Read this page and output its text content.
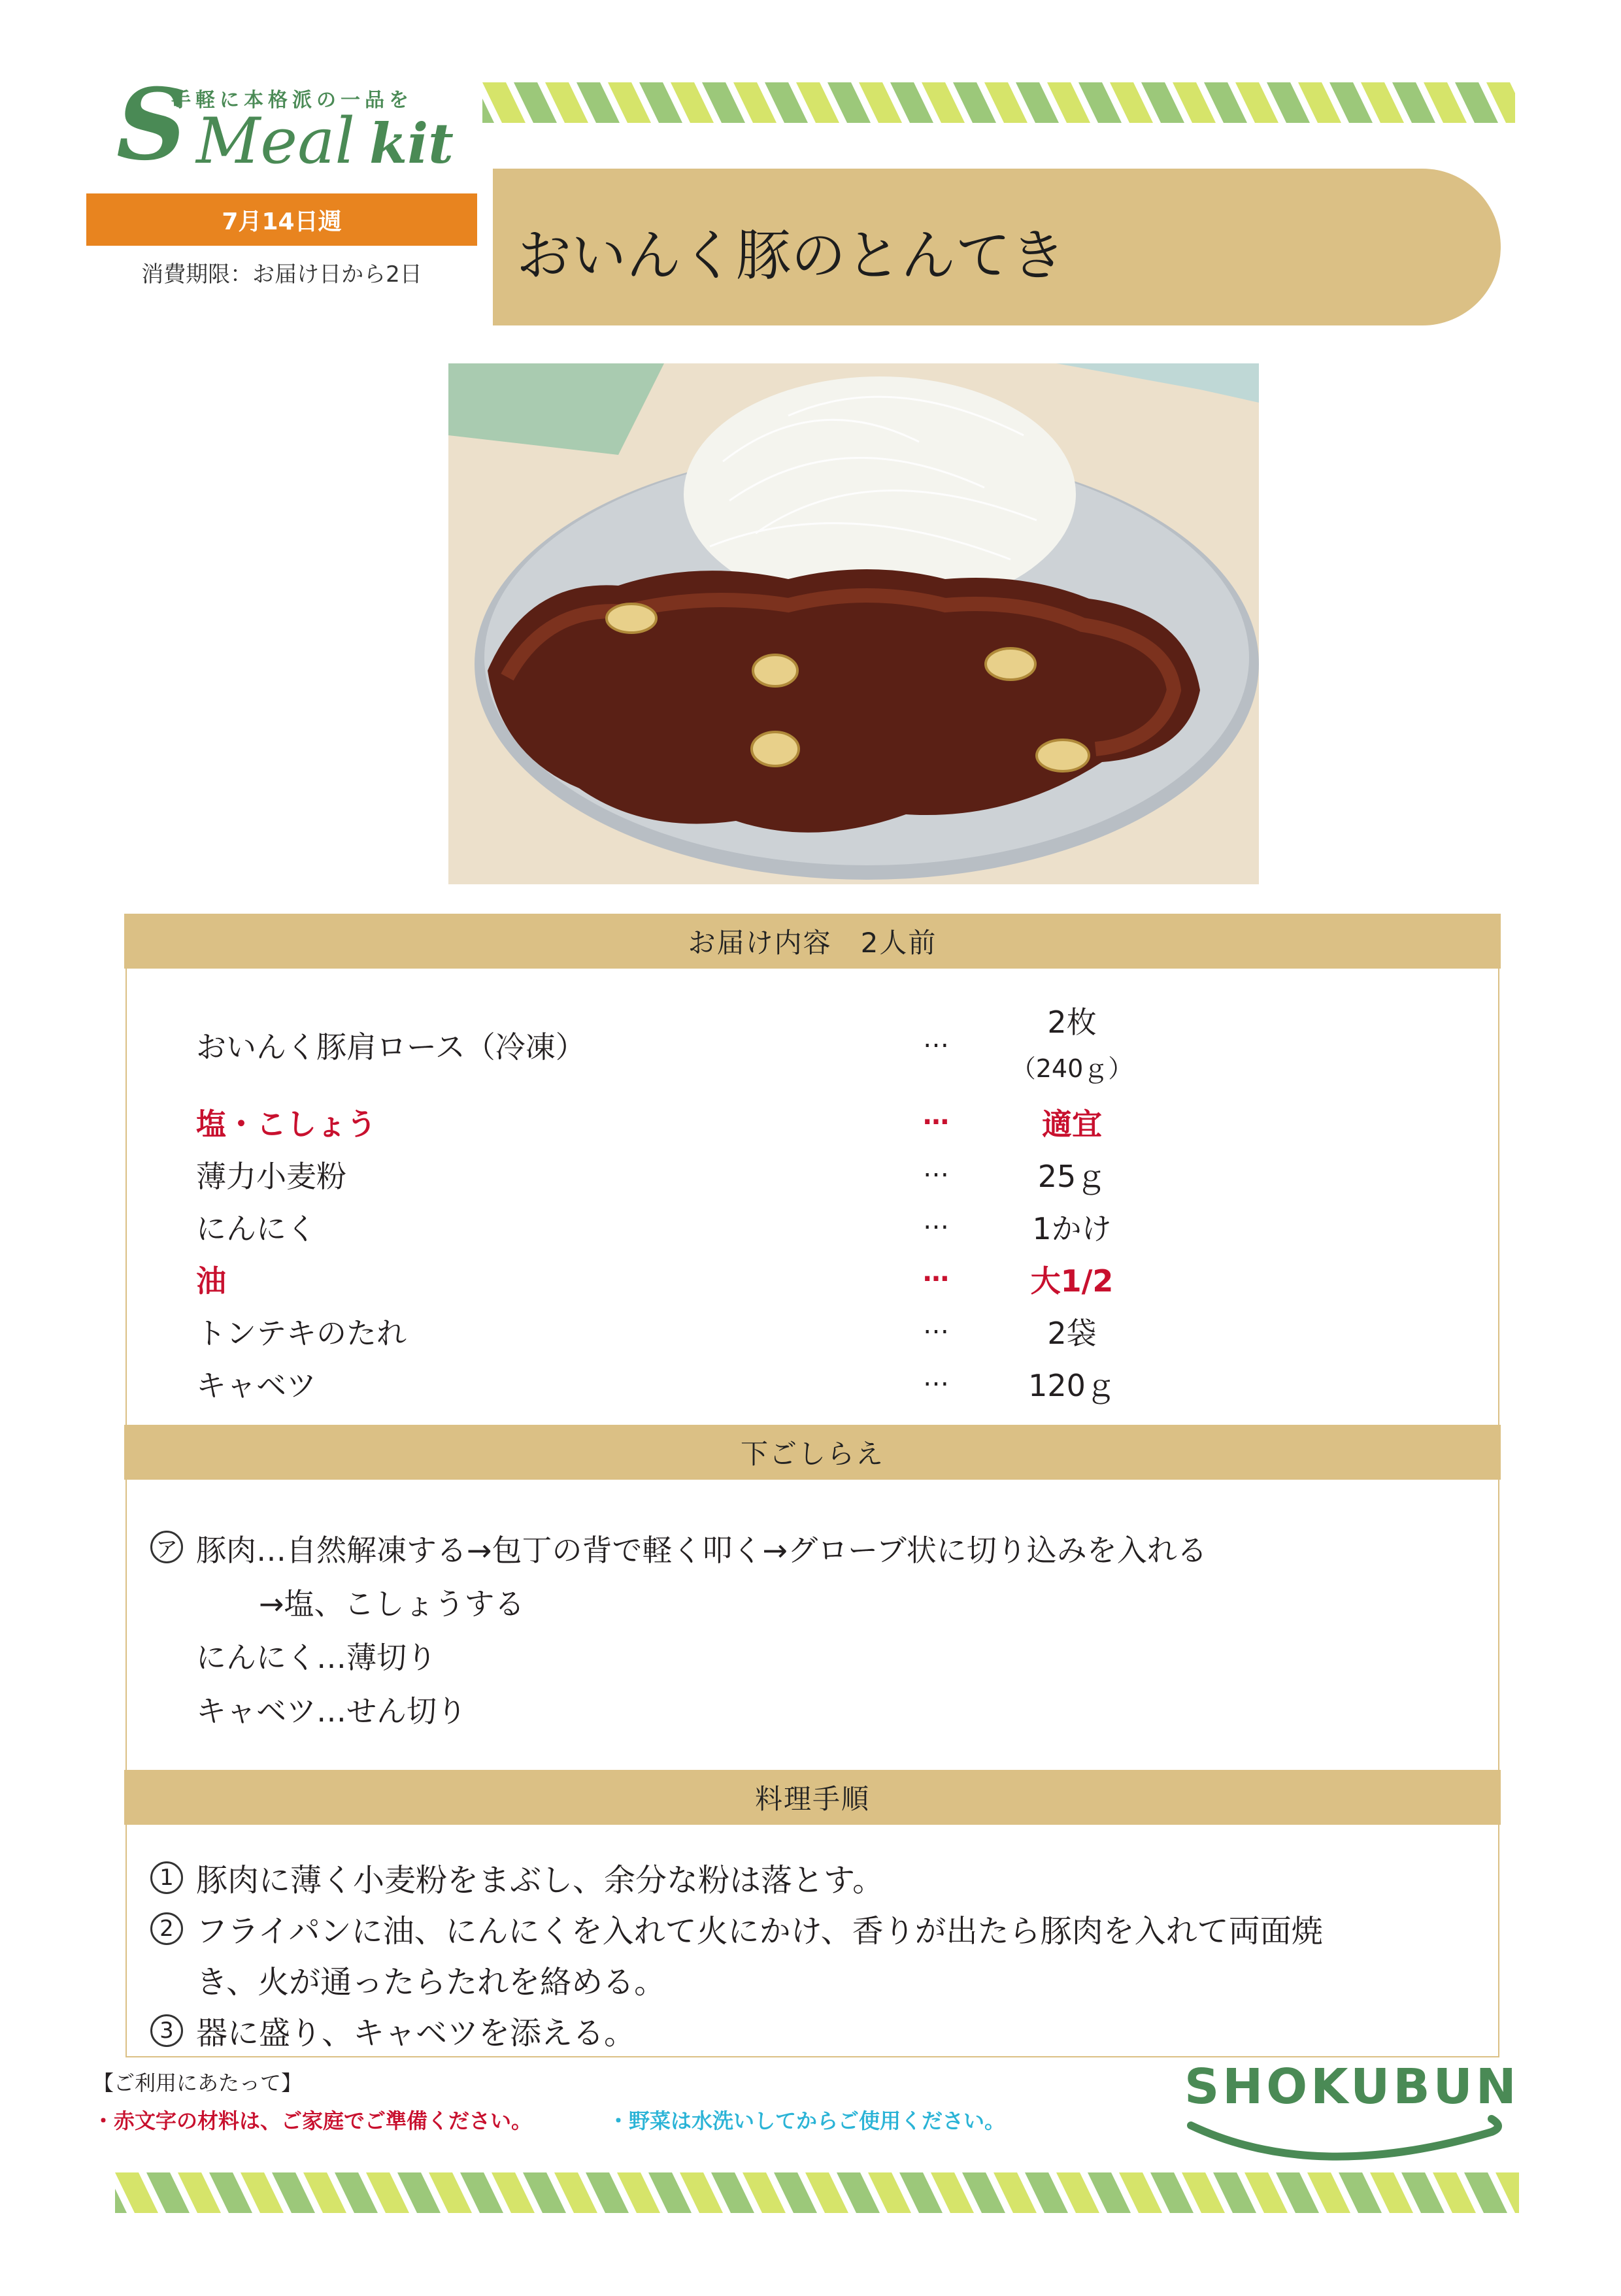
手軽に本格派の一品を
S Meal kit
7月14日週
消費期限：お届け日から2日	おいんく豚のとんてき
お届け内容　2人前
おいんく豚肩ロース（冷凍）	…	2枚
（240ｇ）
塩・こしょう	…	適宜
薄力小麦粉	…	25ｇ
にんにく	…	1かけ
油	…	大1/2
トンテキのたれ	…	2袋
キャベツ	…	120ｇ
下ごしらえ
ア 豚肉…自然解凍する→包丁の背で軽く叩く→グローブ状に切り込みを入れる
→塩、こしょうする
にんにく…薄切り
キャベツ…せん切り
料理手順
1 豚肉に薄く小麦粉をまぶし、余分な粉は落とす。
2 フライパンに油、にんにくを入れて火にかけ、香りが出たら豚肉を入れて両面焼
き、火が通ったらたれを絡める。
3 器に盛り、キャベツを添える。
【ご利用にあたって】
・赤文字の材料は、ご家庭でご準備ください。	・野菜は水洗いしてからご使用ください。
SHOKUBUN
